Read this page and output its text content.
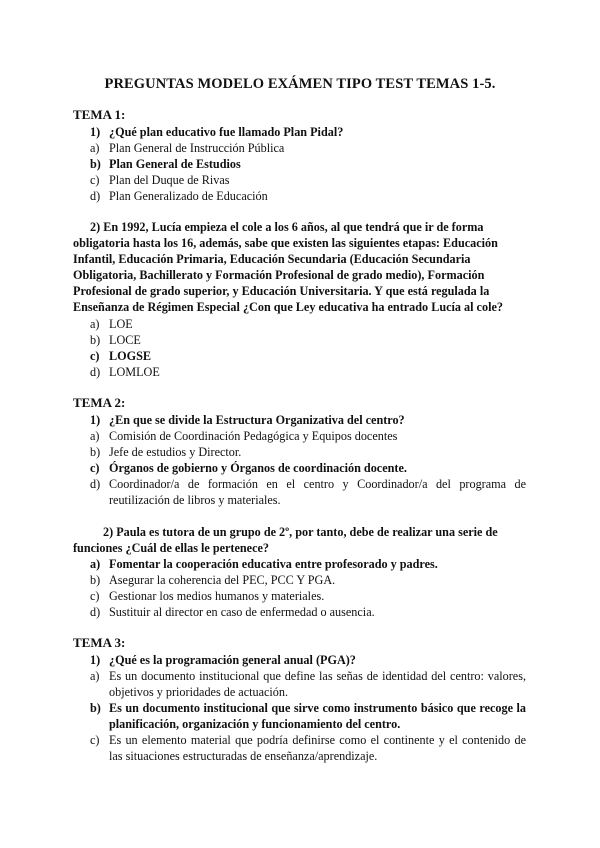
PREGUNTAS MODELO EXÁMEN TIPO TEST TEMAS 1-5.
TEMA 1:
1) ¿Qué plan educativo fue llamado Plan Pidal?
a) Plan General de Instrucción Pública
b) Plan General de Estudios
c) Plan del Duque de Rivas
d) Plan Generalizado de Educación

2) En 1992, Lucía empieza el cole a los 6 años, al que tendrá que ir de forma

obligatoria hasta los 16, además, sabe que existen las siguientes etapas: Educación

Infantil, Educación Primaria, Educación Secundaria (Educación Secundaria

Obligatoria, Bachillerato y Formación Profesional de grado medio), Formación

Profesional de grado superior, y Educación Universitaria. Y que está regulada la

Enseñanza de Régimen Especial ¿Con que Ley educativa ha entrado Lucía al cole?

a) LOE
b) LOCE
c) LOGSE
d) LOMLOE
TEMA 2:
1) ¿En que se divide la Estructura Organizativa del centro?
a) Comisión de Coordinación Pedagógica y Equipos docentes
b) Jefe de estudios y Director.
c) Órganos de gobierno y Órganos de coordinación docente.
d) Coordinador/a de formación en el centro y Coordinador/a del programa de reutilización de libros y materiales.
2) Paula es tutora de un grupo de 2º, por tanto, debe de realizar una serie de
funciones ¿Cuál de ellas le pertenece?
a) Fomentar la cooperación educativa entre profesorado y padres.
b) Asegurar la coherencia del PEC, PCC Y PGA.
c) Gestionar los medios humanos y materiales.
d) Sustituir al director en caso de enfermedad o ausencia.
TEMA 3:
1) ¿Qué es la programación general anual (PGA)?
a) Es un documento institucional que define las señas de identidad del centro: valores, objetivos y prioridades de actuación.
b) Es un documento institucional que sirve como instrumento básico que recoge la planificación, organización y funcionamiento del centro.
c) Es un elemento material que podría definirse como el continente y el contenido de las situaciones estructuradas de enseñanza/aprendizaje.
